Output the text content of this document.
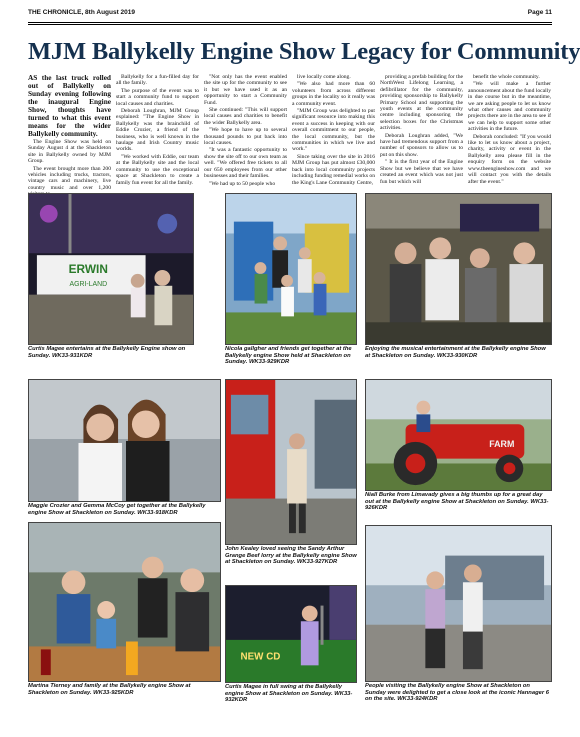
THE CHRONICLE, 8th August 2019	Page 11
MJM Ballykelly Engine Show Legacy for Community

AS the last truck rolled out of Ballykelly on Sunday evening following the inaugural Engine Show, thoughts have turned to what this event means for the wider Ballykelly community.

The Engine Show was held on Sunday August 4 at the Shackleton site in Ballykelly owned by MJM Group.

The event brought more than 200 vehicles including trucks, tractors, vintage cars and machinery, live country music and over 1,200

Ballykelly for a fun-filled day for all the family.

The purpose of the event was to start a community fund to support local causes and charities.

Deborah Loughran, MJM Group explained: "The Engine Show in Ballykelly was the brainchild of Eddie Crozier, a friend of the business, who is well known in the haulage and Irish Country music worlds.

"We worked with Eddie, our team at the Ballykelly site and the local community to use the exceptional space at Shackleton to create a family fun event for all the family.

"Not only has the event enabled the site up for the community to see it but we have used it as an opportunity to start a Community Fund.

She continued: "This will support local causes and charities to benefit the wider Ballykelly area.

"We hope to have up to several thousand pounds to put back into local causes.

"It was a fantastic opportunity to show the site off to our own team as well. "We offered free tickets to all our 650 employees from our other businesses and their families.

"We had up to 50 people who

live locally come along.

"We also had more than 60 volunteers from across different groups in the locality so it really was a community event.

"MJM Group was delighted to put significant resource into making this event a success in keeping with our overall commitment to our people, the local community, but the communities in which we live and work."

Since taking over the site in 2016 MJM Group has put almost £30,000 back into local community projects including funding remedial works on the King's Lane Community Centre,

providing a prefab building for the NorthWest Lifelong Learning, a defibrillator for the community, providing sponsorship to Ballykelly Primary School and supporting the youth events at the community centre including sponsoring the selection boxes for the Christmas activities.

Deborah Loughran added, "We have had tremendous support from a number of sponsors to allow us to put on this show.

" It is the first year of the Engine Show but we believe that we have created an event which was not just fun but which will

benefit the whole community.

"We will make a further announcement about the fund locally in due course but in the meantime, we are asking people to let us know what other causes and community projects there are in the area to see if we can help to support some other activities in the future.

Deborah concluded: "If you would like to let us know about a project, charity, activity or event in the Ballykelly area please fill in the enquiry form on the website www.theengineshow.com and we will contact you with the details after the event."

ERWIN
AGRI-LAND
Curtis Magee entertains at the Ballykelly Engine show on Sunday. WK33-931KDR
Nicola gallgher and friends get together at the Ballykelly engine Show held at Shackleton on Sunday. WK33-929KDR
Enjoying the musical entertainment at the Ballykelly engine Show at Shackleton on Sunday. WK33-930KDR
Maggie Crozier and Gemma McCoy get together at the Ballykelly engine Show at Shackleton on Sunday. WK33-918KDR
John Kealey loved seeing the Sandy Arthur Grange Beef lorry at the Ballykelly engine Show at Shackleton on Sunday. WK33-927KDR
FARM
Niall Burke from Limavady gives a big thumbs up for a great day out at the Ballykelly engine Show at Shackleton on Sunday. WK33-926KDR
Martina Tierney and family at the Ballykelly engine Show at Shackleton on Sunday. WK33-925KDR
NEW CD
Curtis Magee in full swing at the Ballykelly engine Show at Shackleton on Sunday. WK33-932KDR
People visiting the Ballykelly engine Show at Shackleton on Sunday were delighted to get a close look at the iconic Hannager 6 on the site. WK33-924KDR
